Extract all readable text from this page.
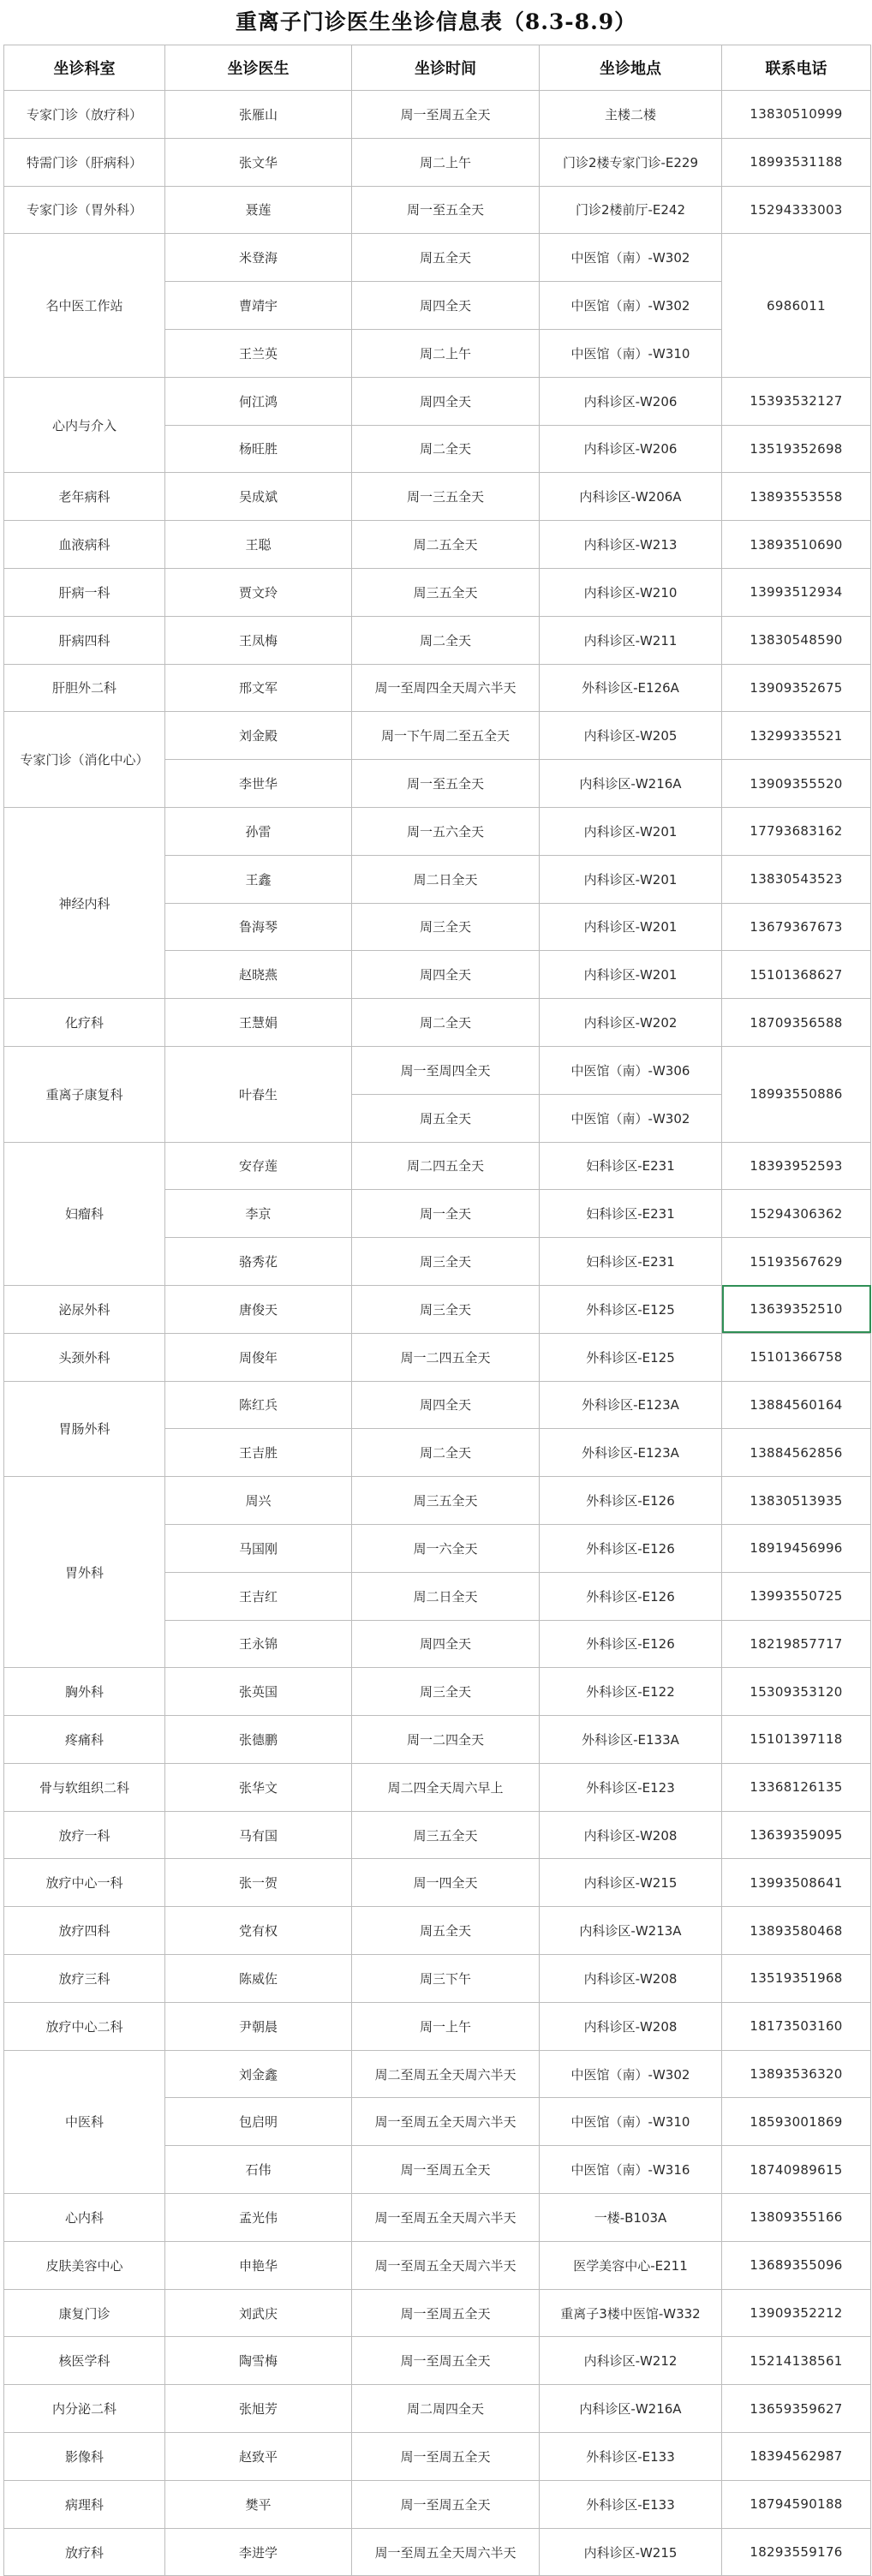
重离子门诊医生坐诊信息表（8.3-8.9）
坐诊科室	坐诊医生	坐诊时间	坐诊地点	联系电话
专家门诊（放疗科）	张雁山	周一至周五全天	主楼二楼	13830510999
特需门诊（肝病科）	张文华	周二上午	门诊2楼专家门诊-E229	18993531188
专家门诊（胃外科）	聂莲	周一至五全天	门诊2楼前厅-E242	15294333003
名中医工作站	米登海	周五全天	中医馆（南）-W302	6986011
	曹靖宇	周四全天	中医馆（南）-W302	
	王兰英	周二上午	中医馆（南）-W310	
心内与介入	何江鸿	周四全天	内科诊区-W206	15393532127
	杨旺胜	周二全天	内科诊区-W206	13519352698
老年病科	吴成斌	周一三五全天	内科诊区-W206A	13893553558
血液病科	王聪	周二五全天	内科诊区-W213	13893510690
肝病一科	贾文玲	周三五全天	内科诊区-W210	13993512934
肝病四科	王凤梅	周二全天	内科诊区-W211	13830548590
肝胆外二科	邢文军	周一至周四全天周六半天	外科诊区-E126A	13909352675
专家门诊（消化中心）	刘金殿	周一下午周二至五全天	内科诊区-W205	13299335521
	李世华	周一至五全天	内科诊区-W216A	13909355520
神经内科	孙雷	周一五六全天	内科诊区-W201	17793683162
	王鑫	周二日全天	内科诊区-W201	13830543523
	鲁海琴	周三全天	内科诊区-W201	13679367673
	赵晓燕	周四全天	内科诊区-W201	15101368627
化疗科	王慧娟	周二全天	内科诊区-W202	18709356588
重离子康复科	叶春生	周一至周四全天	中医馆（南）-W306	18993550886
		周五全天	中医馆（南）-W302	
妇瘤科	安存莲	周二四五全天	妇科诊区-E231	18393952593
	李京	周一全天	妇科诊区-E231	15294306362
	骆秀花	周三全天	妇科诊区-E231	15193567629
泌尿外科	唐俊天	周三全天	外科诊区-E125	13639352510
头颈外科	周俊年	周一二四五全天	外科诊区-E125	15101366758
胃肠外科	陈红兵	周四全天	外科诊区-E123A	13884560164
	王吉胜	周二全天	外科诊区-E123A	13884562856
胃外科	周兴	周三五全天	外科诊区-E126	13830513935
	马国刚	周一六全天	外科诊区-E126	18919456996
	王吉红	周二日全天	外科诊区-E126	13993550725
	王永锦	周四全天	外科诊区-E126	18219857717
胸外科	张英国	周三全天	外科诊区-E122	15309353120
疼痛科	张德鹏	周一二四全天	外科诊区-E133A	15101397118
骨与软组织二科	张华文	周二四全天周六早上	外科诊区-E123	13368126135
放疗一科	马有国	周三五全天	内科诊区-W208	13639359095
放疗中心一科	张一贺	周一四全天	内科诊区-W215	13993508641
放疗四科	党有权	周五全天	内科诊区-W213A	13893580468
放疗三科	陈威佐	周三下午	内科诊区-W208	13519351968
放疗中心二科	尹朝晨	周一上午	内科诊区-W208	18173503160
中医科	刘金鑫	周二至周五全天周六半天	中医馆（南）-W302	13893536320
	包启明	周一至周五全天周六半天	中医馆（南）-W310	18593001869
	石伟	周一至周五全天	中医馆（南）-W316	18740989615
心内科	孟光伟	周一至周五全天周六半天	一楼-B103A	13809355166
皮肤美容中心	申艳华	周一至周五全天周六半天	医学美容中心-E211	13689355096
康复门诊	刘武庆	周一至周五全天	重离子3楼中医馆-W332	13909352212
核医学科	陶雪梅	周一至周五全天	内科诊区-W212	15214138561
内分泌二科	张旭芳	周二周四全天	内科诊区-W216A	13659359627
影像科	赵致平	周一至周五全天	外科诊区-E133	18394562987
病理科	樊平	周一至周五全天	外科诊区-E133	18794590188
放疗科	李进学	周一至周五全天周六半天	内科诊区-W215	18293559176
